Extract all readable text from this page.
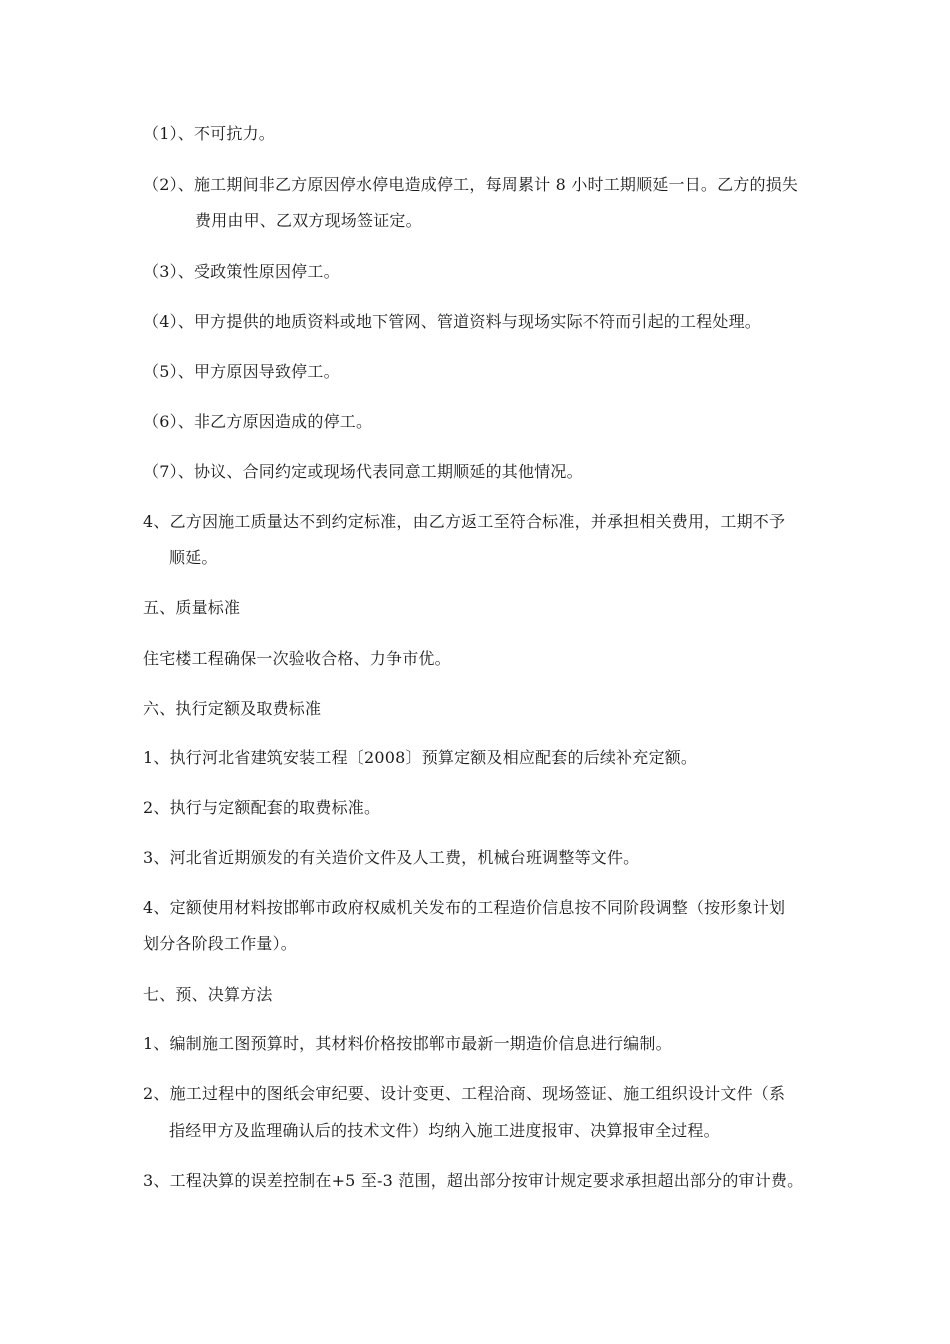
（1）、不可抗力。
（2）、施工期间非乙方原因停水停电造成停工，每周累计 8 小时工期顺延一日。乙方的损失
费用由甲、乙双方现场签证定。
（3）、受政策性原因停工。
（4）、甲方提供的地质资料或地下管网、管道资料与现场实际不符而引起的工程处理。
（5）、甲方原因导致停工。
（6）、非乙方原因造成的停工。
（7）、协议、合同约定或现场代表同意工期顺延的其他情况。
4、乙方因施工质量达不到约定标准，由乙方返工至符合标准，并承担相关费用，工期不予
顺延。
五、质量标准
住宅楼工程确保一次验收合格、力争市优。
六、执行定额及取费标准
1、执行河北省建筑安装工程〔2008〕预算定额及相应配套的后续补充定额。
2、执行与定额配套的取费标准。
3、河北省近期颁发的有关造价文件及人工费，机械台班调整等文件。
4、定额使用材料按邯郸市政府权威机关发布的工程造价信息按不同阶段调整（按形象计划
划分各阶段工作量）。
七、预、决算方法
1、编制施工图预算时，其材料价格按邯郸市最新一期造价信息进行编制。
2、施工过程中的图纸会审纪要、设计变更、工程洽商、现场签证、施工组织设计文件（系
指经甲方及监理确认后的技术文件）均纳入施工进度报审、决算报审全过程。
3、工程决算的误差控制在+5 至-3 范围，超出部分按审计规定要求承担超出部分的审计费。
